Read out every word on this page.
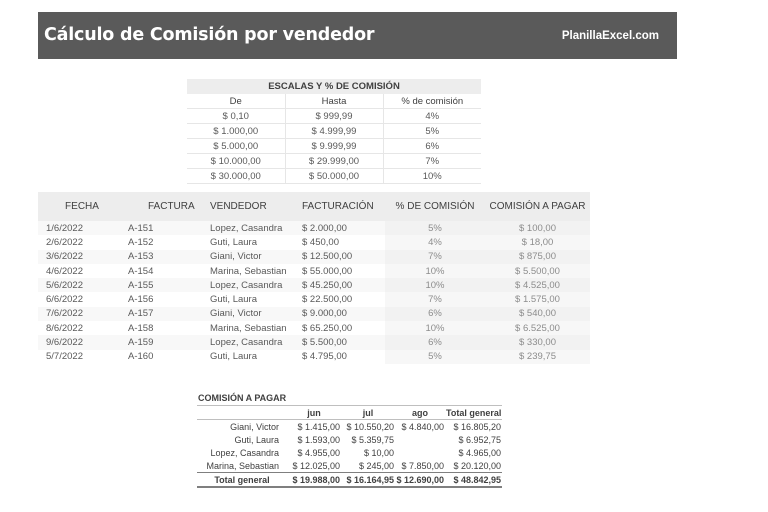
Cálculo de Comisión por vendedor	PlanillaExcel.com
ESCALAS Y % DE COMISIÓN
De	Hasta	% de comisión
$ 0,10	$ 999,99	4%
$ 1.000,00	$ 4.999,99	5%
$ 5.000,00	$ 9.999,99	6%
$ 10.000,00	$ 29.999,00	7%
$ 30.000,00	$ 50.000,00	10%
FECHA	FACTURA	VENDEDOR	FACTURACIÓN	% DE COMISIÓN	COMISIÓN A PAGAR
1/6/2022	A-151	Lopez, Casandra	$ 2.000,00	5%	$ 100,00
2/6/2022	A-152	Guti, Laura	$ 450,00	4%	$ 18,00
3/6/2022	A-153	Giani, Victor	$ 12.500,00	7%	$ 875,00
4/6/2022	A-154	Marina, Sebastian	$ 55.000,00	10%	$ 5.500,00
5/6/2022	A-155	Lopez, Casandra	$ 45.250,00	10%	$ 4.525,00
6/6/2022	A-156	Guti, Laura	$ 22.500,00	7%	$ 1.575,00
7/6/2022	A-157	Giani, Victor	$ 9.000,00	6%	$ 540,00
8/6/2022	A-158	Marina, Sebastian	$ 65.250,00	10%	$ 6.525,00
9/6/2022	A-159	Lopez, Casandra	$ 5.500,00	6%	$ 330,00
5/7/2022	A-160	Guti, Laura	$ 4.795,00	5%	$ 239,75
COMISIÓN A PAGAR				
	jun	jul	ago	Total general
Giani, Victor	$ 1.415,00	$ 10.550,20	$ 4.840,00	$ 16.805,20
Guti, Laura	$ 1.593,00	$ 5.359,75		$ 6.952,75
Lopez, Casandra	$ 4.955,00	$ 10,00		$ 4.965,00
Marina, Sebastian	$ 12.025,00	$ 245,00	$ 7.850,00	$ 20.120,00
Total general	$ 19.988,00	$ 16.164,95	$ 12.690,00	$ 48.842,95
